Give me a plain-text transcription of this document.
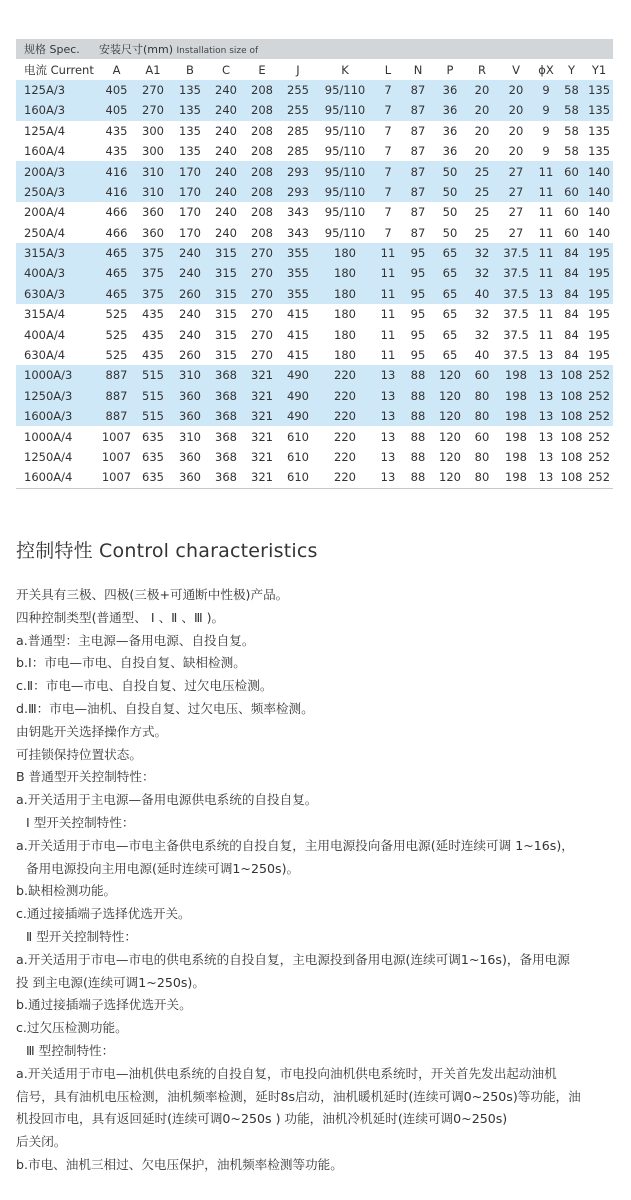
规格 Spec.	安装尺寸(mm) Installation size of														
电流 Current	A	A1	B	C	E	J	K	L	N	P	R	V	ϕX	Y	Y1
125A/3	405	270	135	240	208	255	95/110	7	87	36	20	20	9	58	135
160A/3	405	270	135	240	208	255	95/110	7	87	36	20	20	9	58	135
125A/4	435	300	135	240	208	285	95/110	7	87	36	20	20	9	58	135
160A/4	435	300	135	240	208	285	95/110	7	87	36	20	20	9	58	135
200A/3	416	310	170	240	208	293	95/110	7	87	50	25	27	11	60	140
250A/3	416	310	170	240	208	293	95/110	7	87	50	25	27	11	60	140
200A/4	466	360	170	240	208	343	95/110	7	87	50	25	27	11	60	140
250A/4	466	360	170	240	208	343	95/110	7	87	50	25	27	11	60	140
315A/3	465	375	240	315	270	355	180	11	95	65	32	37.5	11	84	195
400A/3	465	375	240	315	270	355	180	11	95	65	32	37.5	11	84	195
630A/3	465	375	260	315	270	355	180	11	95	65	40	37.5	13	84	195
315A/4	525	435	240	315	270	415	180	11	95	65	32	37.5	11	84	195
400A/4	525	435	240	315	270	415	180	11	95	65	32	37.5	11	84	195
630A/4	525	435	260	315	270	415	180	11	95	65	40	37.5	13	84	195
1000A/3	887	515	310	368	321	490	220	13	88	120	60	198	13	108	252
1250A/3	887	515	360	368	321	490	220	13	88	120	80	198	13	108	252
1600A/3	887	515	360	368	321	490	220	13	88	120	80	198	13	108	252
1000A/4	1007	635	310	368	321	610	220	13	88	120	60	198	13	108	252
1250A/4	1007	635	360	368	321	610	220	13	88	120	80	198	13	108	252
1600A/4	1007	635	360	368	321	610	220	13	88	120	80	198	13	108	252
控制特性 Control characteristics

开关具有三极、四极(三极+可通断中性极)产品。

四种控制类型(普通型、 Ⅰ 、Ⅱ 、Ⅲ )。

a.普通型：主电源—备用电源、自投自复。

b.Ⅰ：市电—市电、自投自复、缺相检测。

c.Ⅱ：市电—市电、自投自复、过欠电压检测。

d.Ⅲ：市电—油机、自投自复、过欠电压、频率检测。

由钥匙开关选择操作方式。

可挂锁保持位置状态。

B 普通型开关控制特性：

a.开关适用于主电源—备用电源供电系统的自投自复。

Ⅰ 型开关控制特性：

a.开关适用于市电—市电主备供电系统的自投自复，主用电源投向备用电源(延时连续可调 1~16s)，

备用电源投向主用电源(延时连续可调1~250s)。

b.缺相检测功能。

c.通过接插端子选择优选开关。

Ⅱ 型开关控制特性：

a.开关适用于市电—市电的供电系统的自投自复，主电源投到备用电源(连续可调1~16s)，备用电源

投 到主电源(连续可调1~250s)。

b.通过接插端子选择优选开关。

c.过欠压检测功能。

Ⅲ 型控制特性：

a.开关适用于市电—油机供电系统的自投自复，市电投向油机供电系统时，开关首先发出起动油机

信号，具有油机电压检测，油机频率检测，延时8s启动，油机暖机延时(连续可调0~250s)等功能，油

机投回市电，具有返回延时(连续可调0~250s ) 功能，油机冷机延时(连续可调0~250s)

后关闭。

b.市电、油机三相过、欠电压保护，油机频率检测等功能。
